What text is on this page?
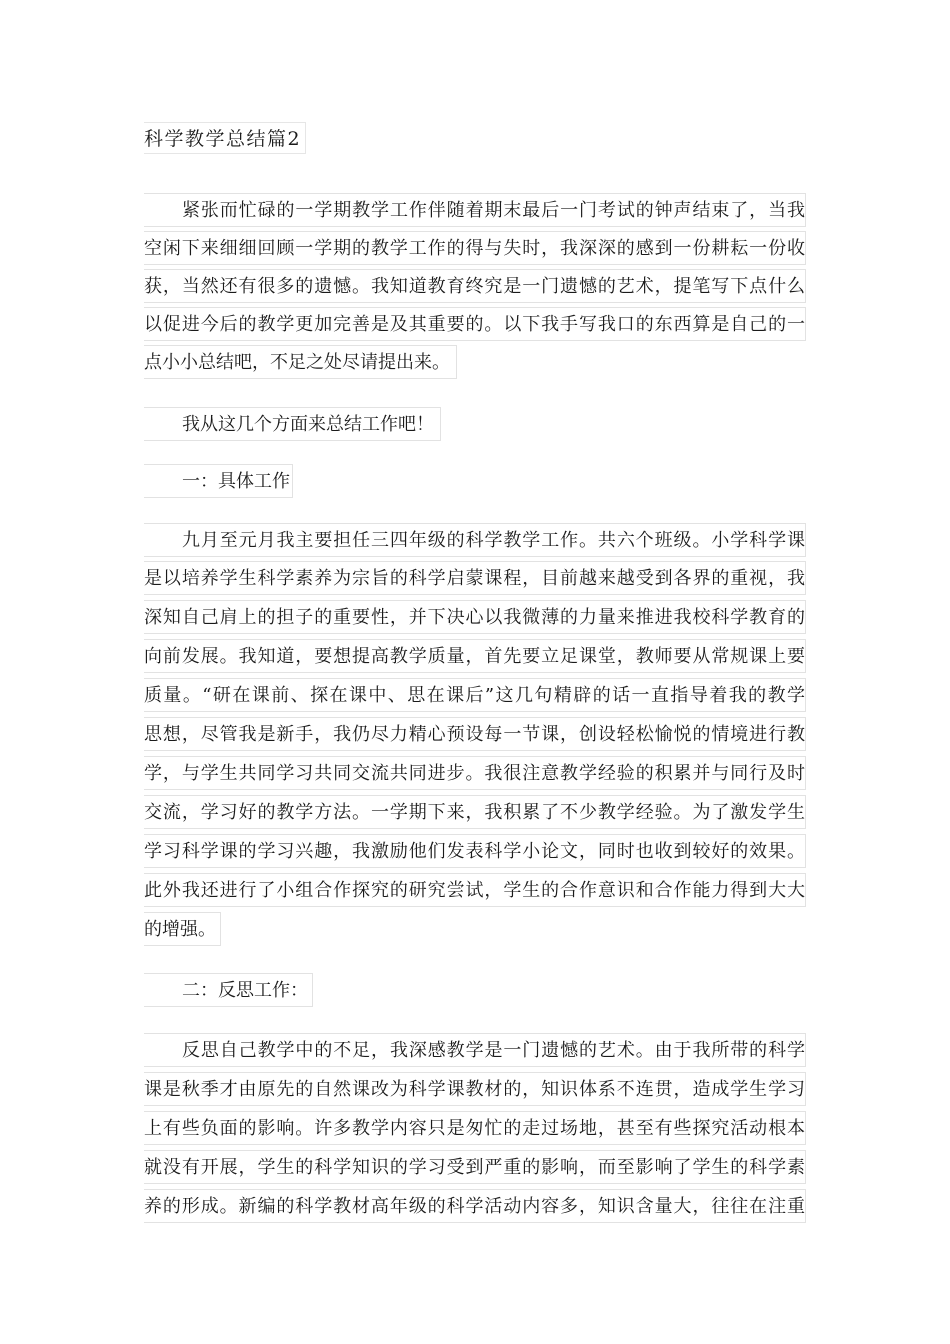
科学教学总结篇2
紧张而忙碌的一学期教学工作伴随着期末最后一门考试的钟声结束了，当我
空闲下来细细回顾一学期的教学工作的得与失时，我深深的感到一份耕耘一份收
获，当然还有很多的遗憾。我知道教育终究是一门遗憾的艺术，提笔写下点什么
以促进今后的教学更加完善是及其重要的。以下我手写我口的东西算是自己的一
点小小总结吧，不足之处尽请提出来。
我从这几个方面来总结工作吧！
一：具体工作
九月至元月我主要担任三四年级的科学教学工作。共六个班级。小学科学课
是以培养学生科学素养为宗旨的科学启蒙课程，目前越来越受到各界的重视，我
深知自己肩上的担子的重要性，并下决心以我微薄的力量来推进我校科学教育的
向前发展。我知道，要想提高教学质量，首先要立足课堂，教师要从常规课上要
质量。“研在课前、探在课中、思在课后”这几句精辟的话一直指导着我的教学
思想，尽管我是新手，我仍尽力精心预设每一节课，创设轻松愉悦的情境进行教
学，与学生共同学习共同交流共同进步。我很注意教学经验的积累并与同行及时
交流，学习好的教学方法。一学期下来，我积累了不少教学经验。为了激发学生
学习科学课的学习兴趣，我激励他们发表科学小论文，同时也收到较好的效果。
此外我还进行了小组合作探究的研究尝试，学生的合作意识和合作能力得到大大
的增强。
二：反思工作：
反思自己教学中的不足，我深感教学是一门遗憾的艺术。由于我所带的科学
课是秋季才由原先的自然课改为科学课教材的，知识体系不连贯，造成学生学习
上有些负面的影响。许多教学内容只是匆忙的走过场地，甚至有些探究活动根本
就没有开展，学生的科学知识的学习受到严重的影响，而至影响了学生的科学素
养的形成。新编的科学教材高年级的科学活动内容多，知识含量大，往往在注重
